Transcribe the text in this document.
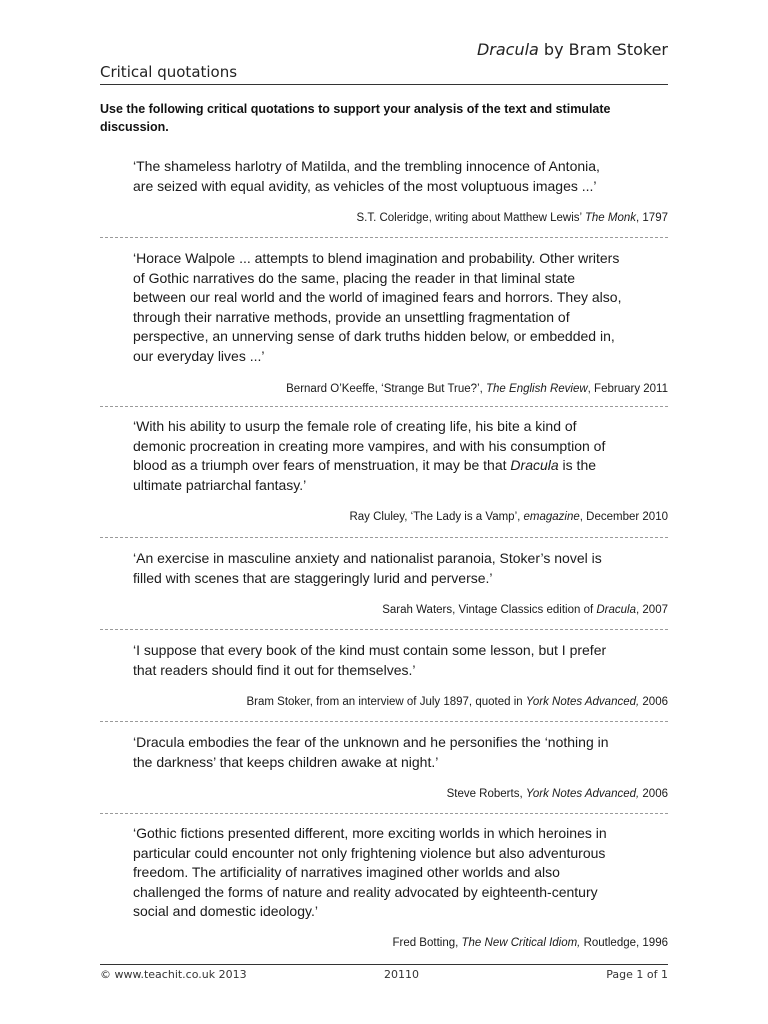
Dracula by Bram Stoker
Critical quotations
Use the following critical quotations to support your analysis of the text and stimulate discussion.
‘The shameless harlotry of Matilda, and the trembling innocence of Antonia, are seized with equal avidity, as vehicles of the most voluptuous images ...’
S.T. Coleridge, writing about Matthew Lewis’ The Monk, 1797
‘Horace Walpole ... attempts to blend imagination and probability. Other writers of Gothic narratives do the same, placing the reader in that liminal state between our real world and the world of imagined fears and horrors. They also, through their narrative methods, provide an unsettling fragmentation of perspective, an unnerving sense of dark truths hidden below, or embedded in, our everyday lives ...’
Bernard O’Keeffe, ‘Strange But True?’, The English Review, February 2011
‘With his ability to usurp the female role of creating life, his bite a kind of demonic procreation in creating more vampires, and with his consumption of blood as a triumph over fears of menstruation, it may be that Dracula is the ultimate patriarchal fantasy.’
Ray Cluley, ‘The Lady is a Vamp’, emagazine, December 2010
‘An exercise in masculine anxiety and nationalist paranoia, Stoker’s novel is filled with scenes that are staggeringly lurid and perverse.’
Sarah Waters, Vintage Classics edition of Dracula, 2007
‘I suppose that every book of the kind must contain some lesson, but I prefer that readers should find it out for themselves.’
Bram Stoker, from an interview of July 1897, quoted in York Notes Advanced, 2006
‘Dracula embodies the fear of the unknown and he personifies the ‘nothing in the darkness’ that keeps children awake at night.’
Steve Roberts, York Notes Advanced, 2006
‘Gothic fictions presented different, more exciting worlds in which heroines in particular could encounter not only frightening violence but also adventurous freedom. The artificiality of narratives imagined other worlds and also challenged the forms of nature and reality advocated by eighteenth-century social and domestic ideology.’
Fred Botting, The New Critical Idiom, Routledge, 1996
© www.teachit.co.uk 2013	20110	Page 1 of 1
